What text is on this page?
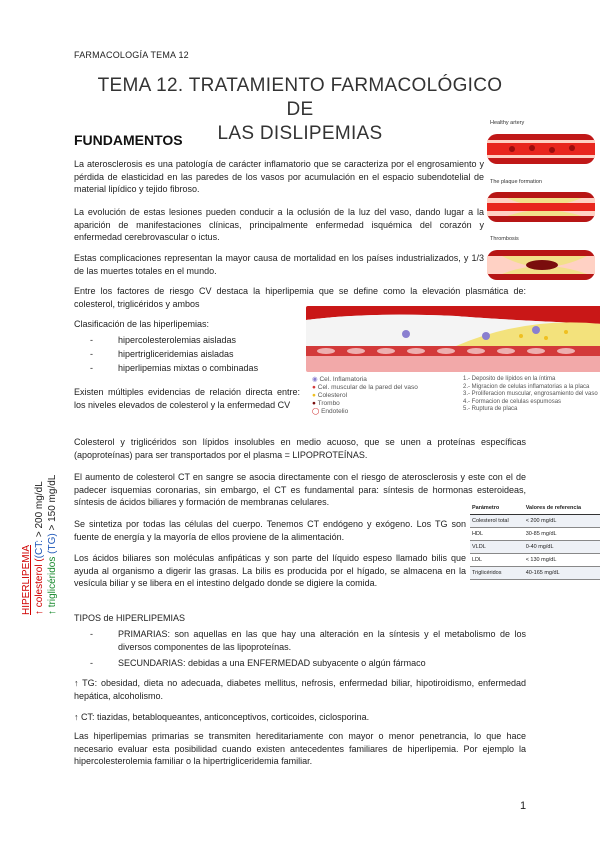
FARMACOLOGÍA TEMA 12
TEMA 12. TRATAMIENTO FARMACOLÓGICO DE
LAS DISLIPEMIAS
FUNDAMENTOS

La aterosclerosis es una patología de carácter inflamatorio que se caracteriza por el engrosamiento y pérdida de elasticidad en las paredes de los vasos por acumulación en el espacio subendotelial de material lipídico y tejido fibroso.

La evolución de estas lesiones pueden conducir a la oclusión de la luz del vaso, dando lugar a la aparición de manifestaciones clínicas, principalmente enfermedad isquémica del corazón y enfermedad cerebrovascular o ictus.

Estas complicaciones representan la mayor causa de mortalidad en los países industrializados, y 1/3 de las muertes totales en el mundo.

Entre los factores de riesgo CV destaca la hiperlipemia que se define como la elevación plasmática de: colesterol, triglicéridos y ambos

Clasificación de las hiperlipemias:

-	hipercolesterolemias aisladas
-	hipertrigliceridemias aisladas
-	hiperlipemias mixtas o combinadas

Existen múltiples evidencias de relación directa entre: los niveles elevados de colesterol y la enfermedad CV

Colesterol y triglicéridos son lípidos insolubles en medio acuoso, que se unen a proteínas específicas (apoproteínas) para ser transportados por el plasma = LIPOPROTEÍNAS.

El aumento de colesterol CT en sangre se asocia directamente con el riesgo de aterosclerosis y este con el de padecer isquemias coronarias, sin embargo, el CT es fundamental para: síntesis de hormonas esteroideas, síntesis de ácidos biliares y formación de membranas celulares.

Se sintetiza por todas las células del cuerpo. Tenemos CT endógeno y exógeno. Los TG son fuente de energía y la mayoría de ellos proviene de la alimentación.

Los ácidos biliares son moléculas anfipáticas y son parte del líquido espeso llamado bilis que ayuda al organismo a digerir las grasas. La bilis es producida por el hígado, se almacena en la vesícula biliar y se libera en el intestino delgado donde se digiere la comida.

TIPOS de HIPERLIPEMIAS

-	PRIMARIAS: son aquellas en las que hay una alteración en la síntesis y el metabolismo de los diversos componentes de las lipoproteínas.
-	SECUNDARIAS: debidas a una ENFERMEDAD subyacente o algún fármaco

↑ TG: obesidad, dieta no adecuada, diabetes mellitus, nefrosis, enfermedad biliar, hipotiroidismo, enfermedad hepática, alcoholismo.

↑ CT: tiazidas, betabloqueantes, anticonceptivos, corticoides, ciclosporina.

Las hiperlipemias primarias se transmiten hereditariamente con mayor o menor penetrancia, lo que hace necesario evaluar esta posibilidad cuando existen antecedentes familiares de hiperlipemia. Por ejemplo la hipercolesterolemia familiar o la hipertrigliceridemia familiar.

1
HIPERLIPEMIA ↑ colesterol ((CT: > 200 mg/dL
↑ triglicéridos (TG) > 150 mg/dL
Healthy artery
The plaque formation
Thrombosis
◉ Cel. Inflamatoria
● Cel. muscular de la pared del vaso
● Colesterol
● Trombo
◯ Endotelio
1.- Deposito de lípidos en la íntima
2.- Migracion de celulas inflamatorias a la placa
3.- Proliferacion muscular, engrosamiento del vaso
4.- Formacion de celulas espumosas
5.- Ruptura de placa
Parámetro	Valores de referencia
Colesterol total	< 200 mg/dL
HDL	30-85 mg/dL
VLDL	0-40 mg/dL
LDL	< 130 mg/dL
Triglicéridos	40-165 mg/dL
